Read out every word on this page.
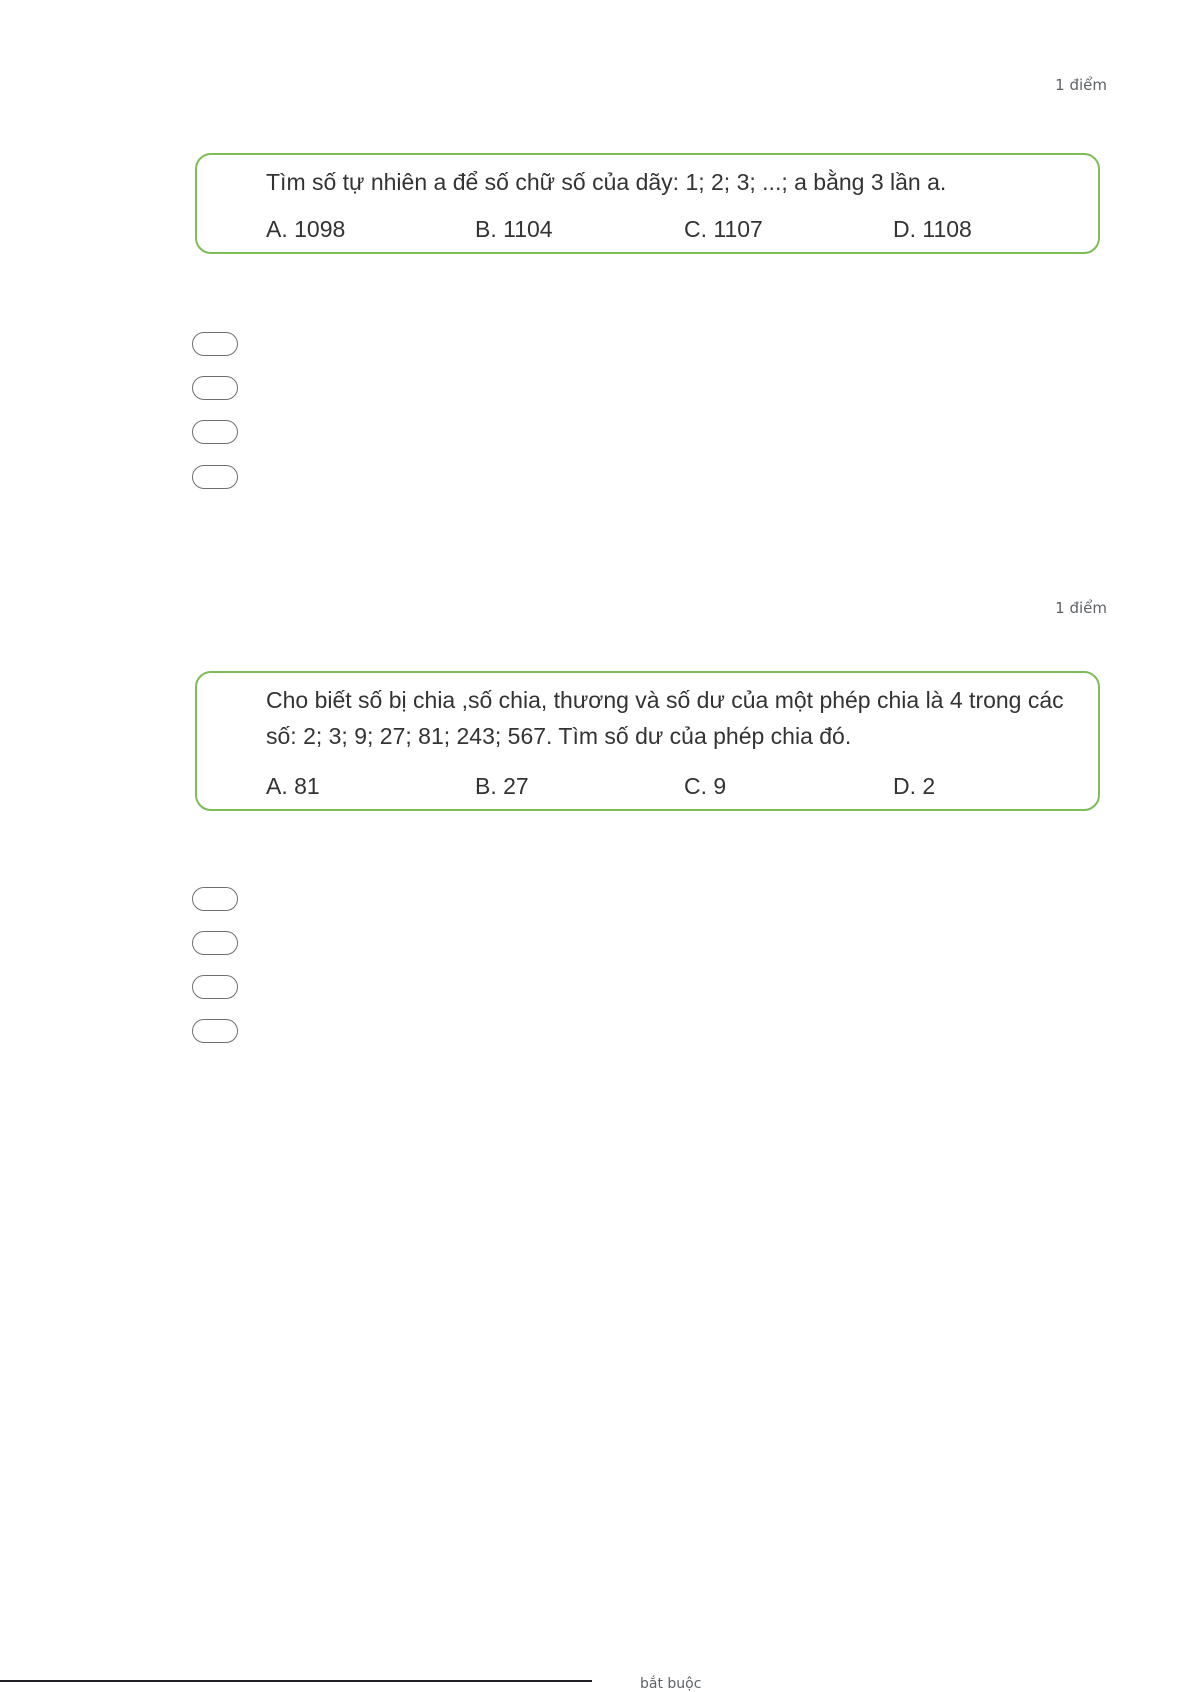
1 điểm
Tìm số tự nhiên a để số chữ số của dãy: 1; 2; 3; ...; a bằng 3 lần a.
A. 1098	B. 1104	C. 1107	D. 1108
1 điểm
Cho biết số bị chia ,số chia, thương và số dư của một phép chia là 4 trong các số: 2; 3; 9; 27; 81; 243; 567. Tìm số dư của phép chia đó.
A. 81	B. 27	C. 9	D. 2
bắt buộc
